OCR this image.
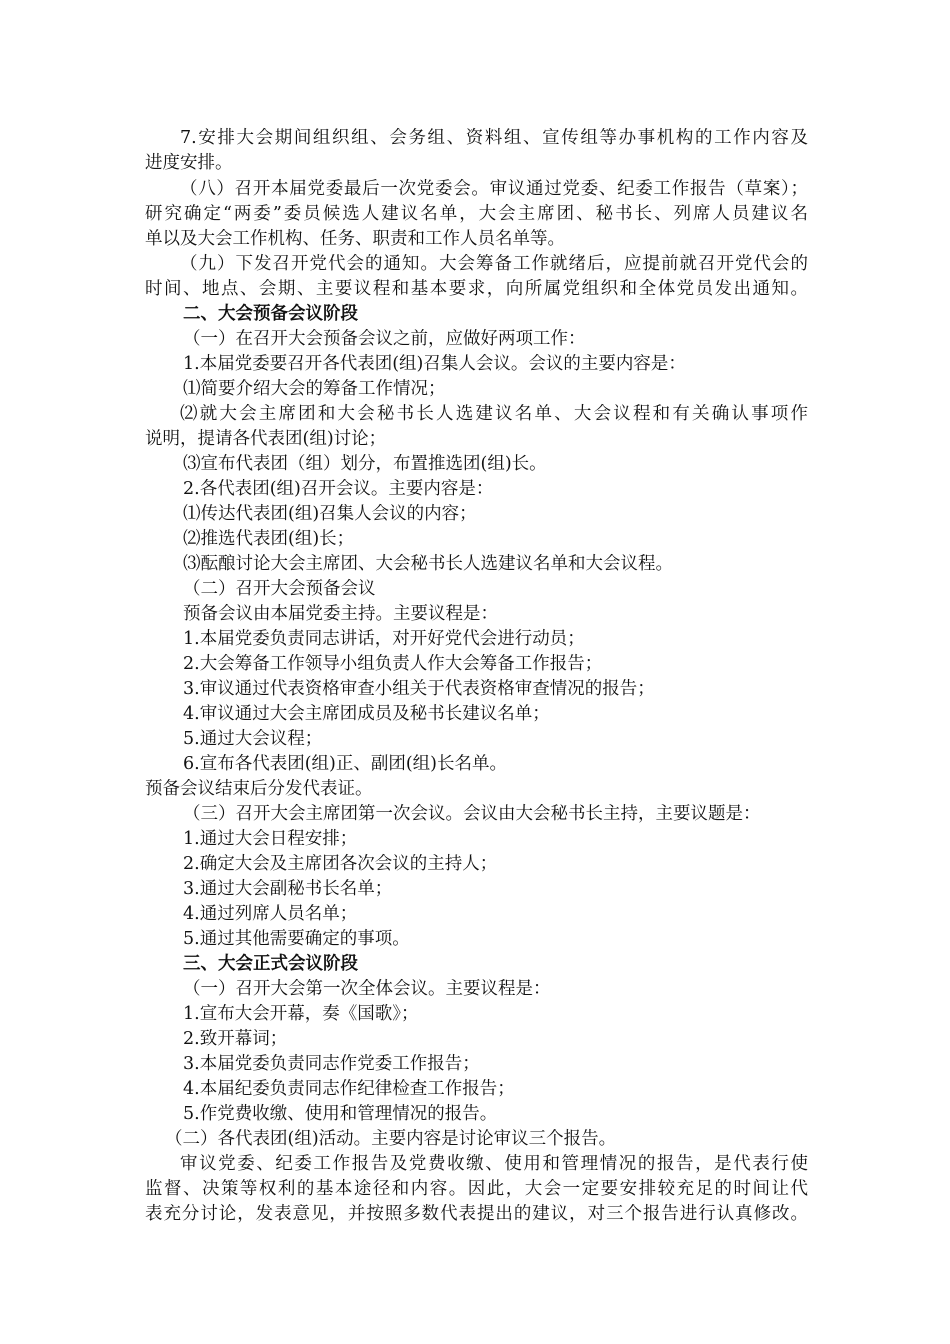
7.安排大会期间组织组、会务组、资料组、宣传组等办事机构的工作内容及
进度安排。
（八）召开本届党委最后一次党委会。审议通过党委、纪委工作报告（草案）；
研究确定“两委”委员候选人建议名单，大会主席团、秘书长、列席人员建议名
单以及大会工作机构、任务、职责和工作人员名单等。
（九）下发召开党代会的通知。大会筹备工作就绪后，应提前就召开党代会的
时间、地点、会期、主要议程和基本要求，向所属党组织和全体党员发出通知。
二、大会预备会议阶段
（一）在召开大会预备会议之前，应做好两项工作：
1.本届党委要召开各代表团(组)召集人会议。会议的主要内容是：
⑴简要介绍大会的筹备工作情况；
⑵就大会主席团和大会秘书长人选建议名单、大会议程和有关确认事项作
说明，提请各代表团(组)讨论；
⑶宣布代表团（组）划分，布置推选团(组)长。
2.各代表团(组)召开会议。主要内容是：
⑴传达代表团(组)召集人会议的内容；
⑵推选代表团(组)长；
⑶酝酿讨论大会主席团、大会秘书长人选建议名单和大会议程。
（二）召开大会预备会议
预备会议由本届党委主持。主要议程是：
1.本届党委负责同志讲话，对开好党代会进行动员；
2.大会筹备工作领导小组负责人作大会筹备工作报告；
3.审议通过代表资格审查小组关于代表资格审查情况的报告；
4.审议通过大会主席团成员及秘书长建议名单；
5.通过大会议程；
6.宣布各代表团(组)正、副团(组)长名单。
预备会议结束后分发代表证。
（三）召开大会主席团第一次会议。会议由大会秘书长主持，主要议题是：
1.通过大会日程安排；
2.确定大会及主席团各次会议的主持人；
3.通过大会副秘书长名单；
4.通过列席人员名单；
5.通过其他需要确定的事项。
三、大会正式会议阶段
（一）召开大会第一次全体会议。主要议程是：
1.宣布大会开幕，奏《国歌》；
2.致开幕词；
3.本届党委负责同志作党委工作报告；
4.本届纪委负责同志作纪律检查工作报告；
5.作党费收缴、使用和管理情况的报告。
（二）各代表团(组)活动。主要内容是讨论审议三个报告。
审议党委、纪委工作报告及党费收缴、使用和管理情况的报告，是代表行使
监督、决策等权利的基本途径和内容。因此，大会一定要安排较充足的时间让代
表充分讨论，发表意见，并按照多数代表提出的建议，对三个报告进行认真修改。
